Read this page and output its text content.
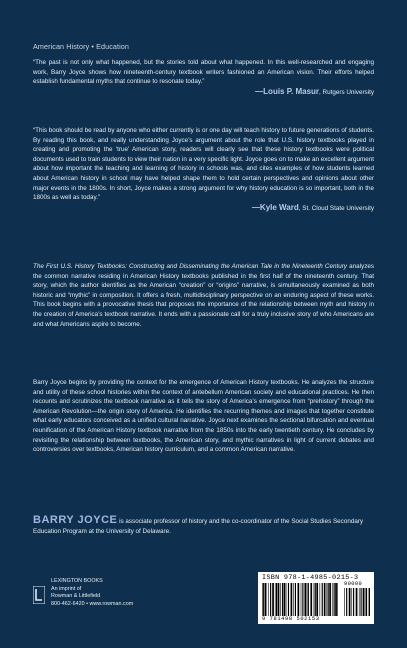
American History • Education
“The past is not only what happened, but the stories told about what happened. In this well-researched and engaging work, Barry Joyce shows how nineteenth-century textbook writers fashioned an American vision. Their efforts helped establish fundamental myths that continue to resonate today.”
—Louis P. Masur, Rutgers University
“This book should be read by anyone who either currently is or one day will teach history to future generations of students. By reading this book, and really understanding Joyce’s argument about the role that U.S. history textbooks played in creating and promoting the ‘true’ American story, readers will clearly see that these history textbooks were political documents used to train students to view their nation in a very specific light. Joyce goes on to make an excellent argument about how important the teaching and learning of history in schools was, and cites examples of how students learned about American history in school may have helped shape them to hold certain perspectives and opinions about other major events in the 1800s. In short, Joyce makes a strong argument for why history education is so important, both in the 1800s as well as today.”
—Kyle Ward, St. Cloud State University

The First U.S. History Textbooks: Constructing and Disseminating the American Tale in the Nineteenth Century analyzes the common narrative residing in American History textbooks published in the first half of the nineteenth century. That story, which the author identifies as the American “creation” or “origins” narrative, is simultaneously examined as both historic and “mythic” in composition. It offers a fresh, multidisciplinary perspective on an enduring aspect of these works. This book begins with a provocative thesis that proposes the importance of the relationship between myth and history in the creation of America’s textbook narrative. It ends with a passionate call for a truly inclusive story of who Americans are and what Americans aspire to become.

Barry Joyce begins by providing the context for the emergence of American History textbooks. He analyzes the structure and utility of these school histories within the context of antebellum American society and educational practices. He then recounts and scrutinizes the textbook narrative as it tells the story of America’s emergence from “prehistory” through the American Revolution—the origin story of America. He identifies the recurring themes and images that together constitute what early educators conceived as a unified cultural narrative. Joyce next examines the sectional bifurcation and eventual reunification of the American History textbook narrative from the 1850s into the early twentieth century. He concludes by revisiting the relationship between textbooks, the American story, and mythic narratives in light of current debates and controversies over textbooks, American history curriculum, and a common American narrative.

BARRY JOYCE is associate professor of history and the co-coordinator of the Social Studies Secondary Education Program at the University of Delaware.

LEXINGTON BOOKS
An imprint of
Rowman & Littlefield
800-462-6420 • www.rowman.com
ISBN 978-1-4985-0215-3
90000
9 781498 502153
